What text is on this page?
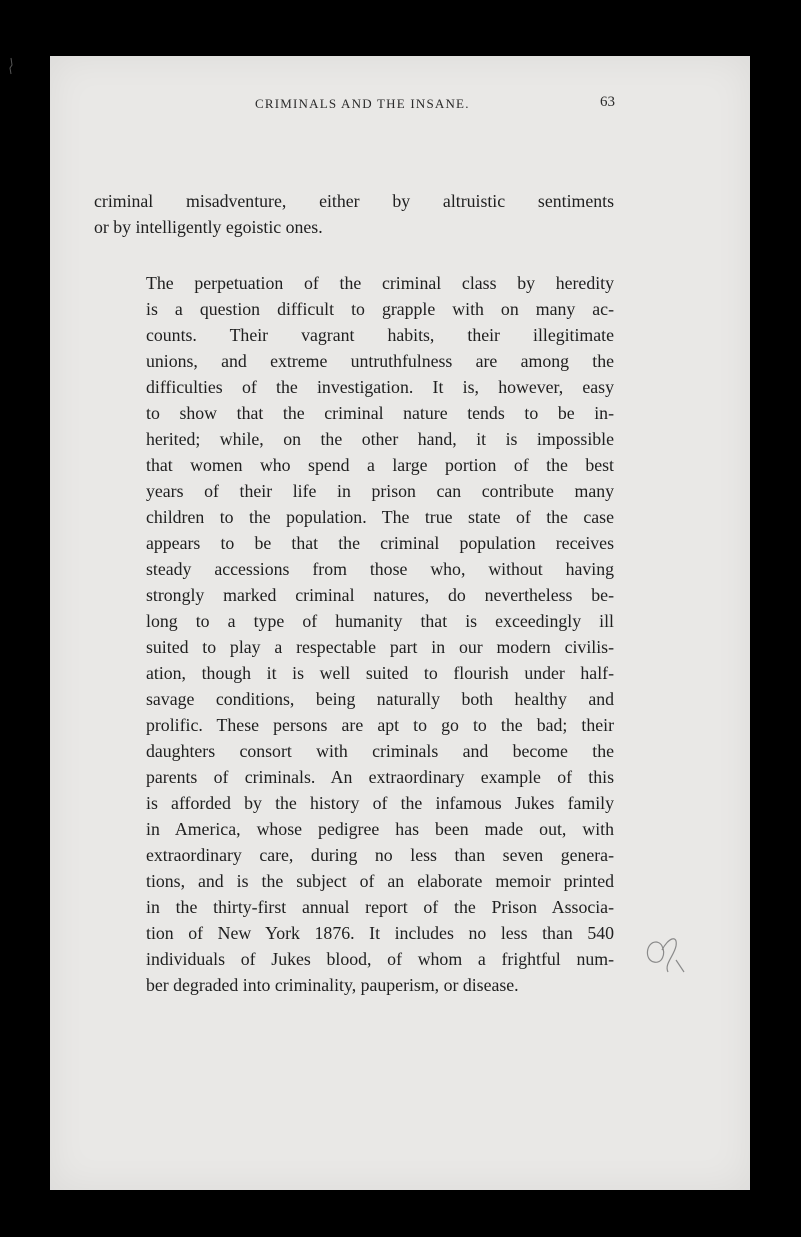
CRIMINALS AND THE INSANE.	63
criminal misadventure, either by altruistic sentiments
or by intelligently egoistic ones.
The perpetuation of the criminal class by heredity
is a question difficult to grapple with on many ac-
counts. Their vagrant habits, their illegitimate
unions, and extreme untruthfulness are among the
difficulties of the investigation. It is, however, easy
to show that the criminal nature tends to be in-
herited; while, on the other hand, it is impossible
that women who spend a large portion of the best
years of their life in prison can contribute many
children to the population. The true state of the case
appears to be that the criminal population receives
steady accessions from those who, without having
strongly marked criminal natures, do nevertheless be-
long to a type of humanity that is exceedingly ill
suited to play a respectable part in our modern civilis-
ation, though it is well suited to flourish under half-
savage conditions, being naturally both healthy and
prolific. These persons are apt to go to the bad; their
daughters consort with criminals and become the
parents of criminals. An extraordinary example of this
is afforded by the history of the infamous Jukes family
in America, whose pedigree has been made out, with
extraordinary care, during no less than seven genera-
tions, and is the subject of an elaborate memoir printed
in the thirty-first annual report of the Prison Associa-
tion of New York 1876. It includes no less than 540
individuals of Jukes blood, of whom a frightful num-
ber degraded into criminality, pauperism, or disease.
